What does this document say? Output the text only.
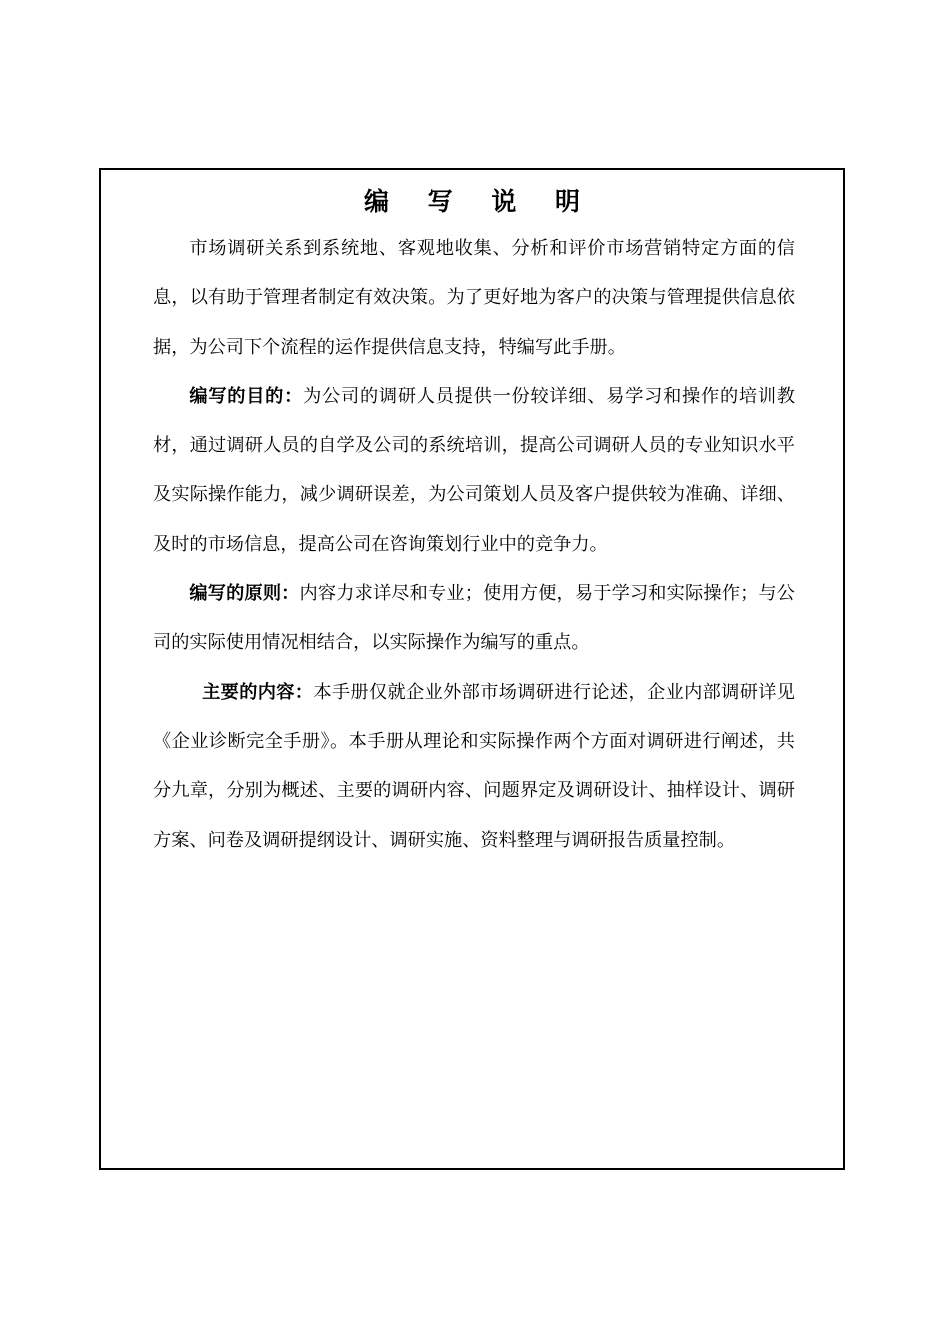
编 写 说 明

市场调研关系到系统地、客观地收集、分析和评价市场营销特定方面的信息，以有助于管理者制定有效决策。为了更好地为客户的决策与管理提供信息依据，为公司下个流程的运作提供信息支持，特编写此手册。

编写的目的：为公司的调研人员提供一份较详细、易学习和操作的培训教材，通过调研人员的自学及公司的系统培训，提高公司调研人员的专业知识水平及实际操作能力，减少调研误差，为公司策划人员及客户提供较为准确、详细、及时的市场信息，提高公司在咨询策划行业中的竞争力。

编写的原则：内容力求详尽和专业；使用方便，易于学习和实际操作；与公司的实际使用情况相结合，以实际操作为编写的重点。

主要的内容：本手册仅就企业外部市场调研进行论述，企业内部调研详见《企业诊断完全手册》。本手册从理论和实际操作两个方面对调研进行阐述，共分九章，分别为概述、主要的调研内容、问题界定及调研设计、抽样设计、调研方案、问卷及调研提纲设计、调研实施、资料整理与调研报告质量控制。
